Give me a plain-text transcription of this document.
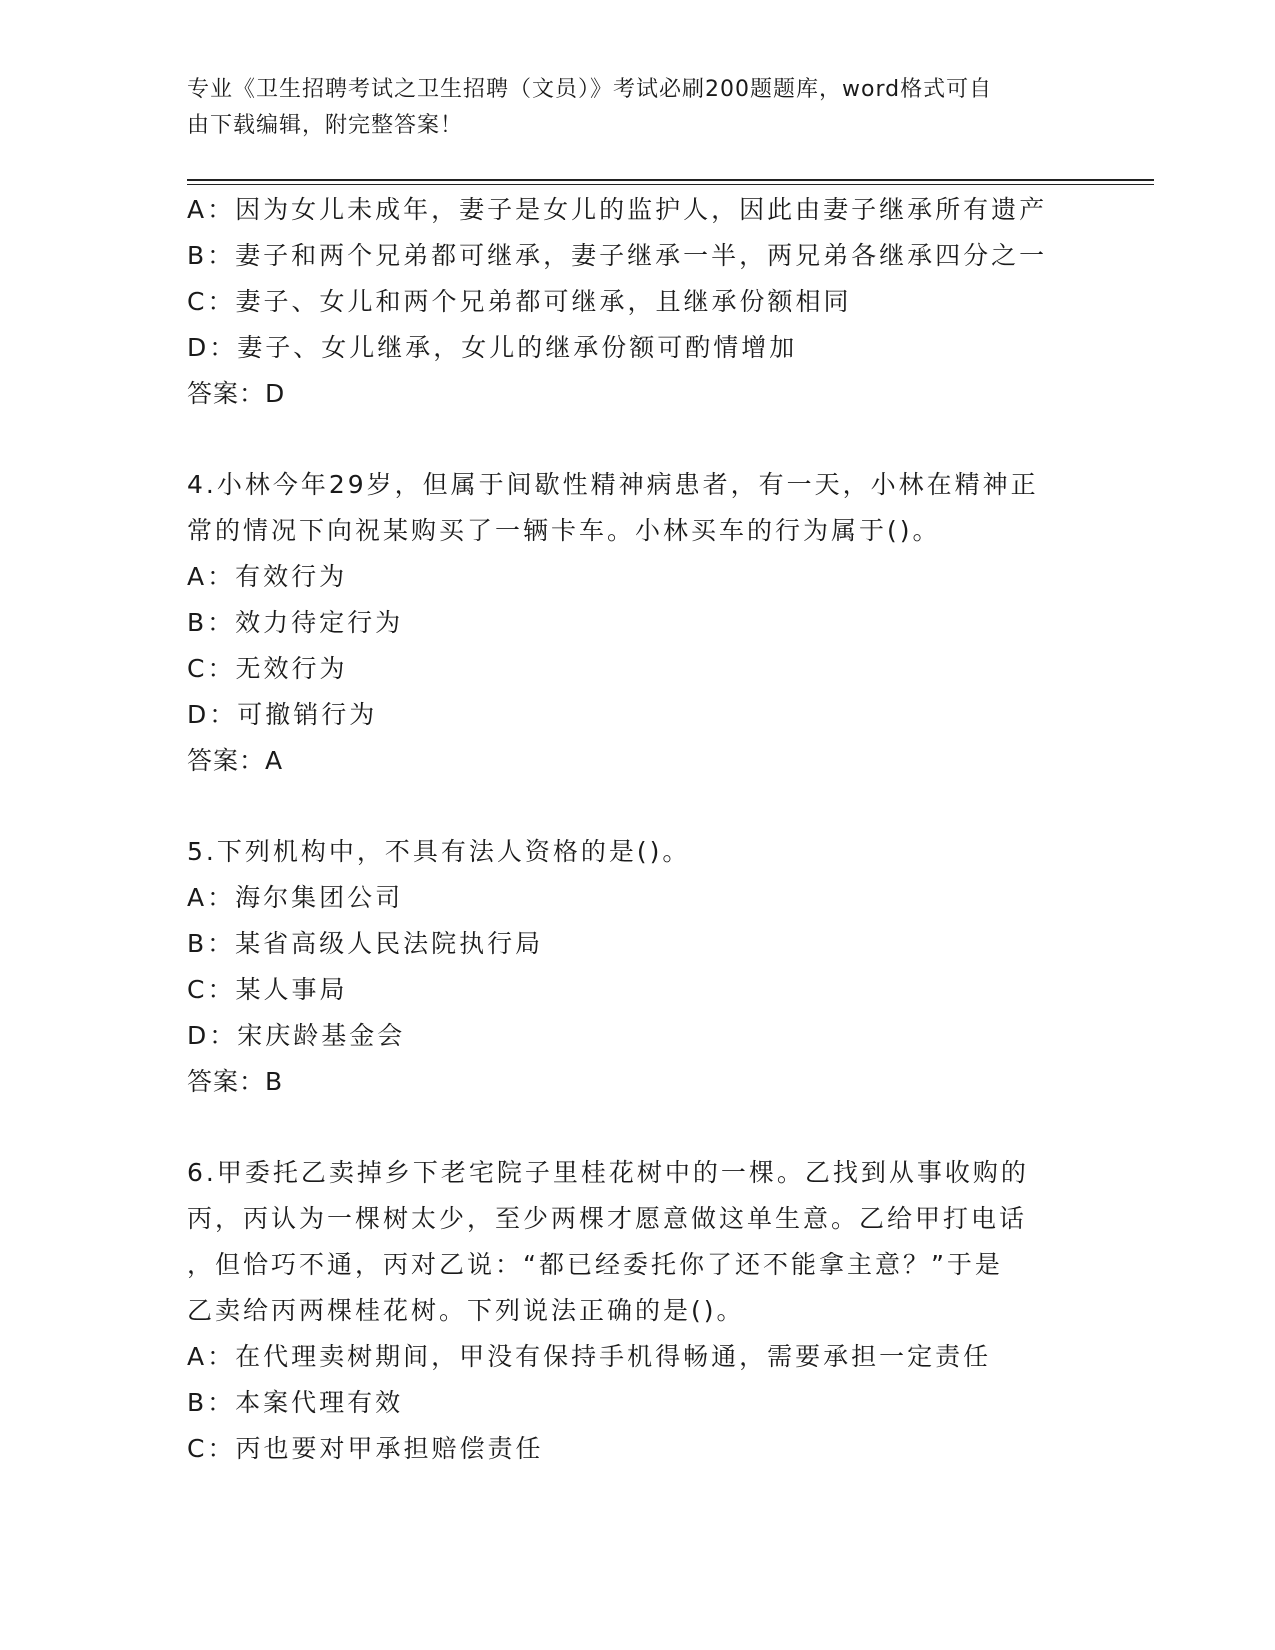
专业《卫生招聘考试之卫生招聘（文员）》考试必刷200题题库，word格式可自
由下载编辑，附完整答案！

A：因为女儿未成年，妻子是女儿的监护人，因此由妻子继承所有遗产

B：妻子和两个兄弟都可继承，妻子继承一半，两兄弟各继承四分之一

C：妻子、女儿和两个兄弟都可继承，且继承份额相同

D：妻子、女儿继承，女儿的继承份额可酌情增加

答案：D

4.小林今年29岁，但属于间歇性精神病患者，有一天，小林在精神正

常的情况下向祝某购买了一辆卡车。小林买车的行为属于()。

A：有效行为

B：效力待定行为

C：无效行为

D：可撤销行为

答案：A

5.下列机构中，不具有法人资格的是()。

A：海尔集团公司

B：某省高级人民法院执行局

C：某人事局

D：宋庆龄基金会

答案：B

6.甲委托乙卖掉乡下老宅院子里桂花树中的一棵。乙找到从事收购的

丙，丙认为一棵树太少，至少两棵才愿意做这单生意。乙给甲打电话

，但恰巧不通，丙对乙说：“都已经委托你了还不能拿主意？”于是

乙卖给丙两棵桂花树。下列说法正确的是()。

A：在代理卖树期间，甲没有保持手机得畅通，需要承担一定责任

B：本案代理有效

C：丙也要对甲承担赔偿责任
